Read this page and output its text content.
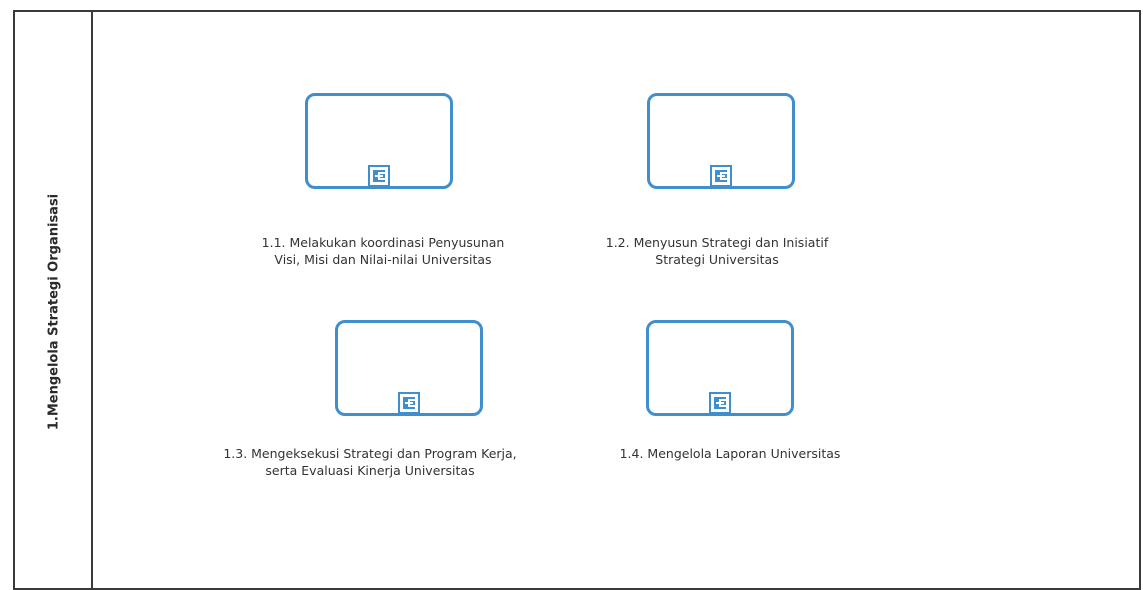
1.Mengelola Strategi Organisasi	1.1. Melakukan koordinasi Penyusunan
Visi, Misi dan Nilai-nilai Universitas
1.2. Menyusun Strategi dan Inisiatif
Strategi Universitas
1.3. Mengeksekusi Strategi dan Program Kerja,
serta Evaluasi Kinerja Universitas
1.4. Mengelola Laporan Universitas
